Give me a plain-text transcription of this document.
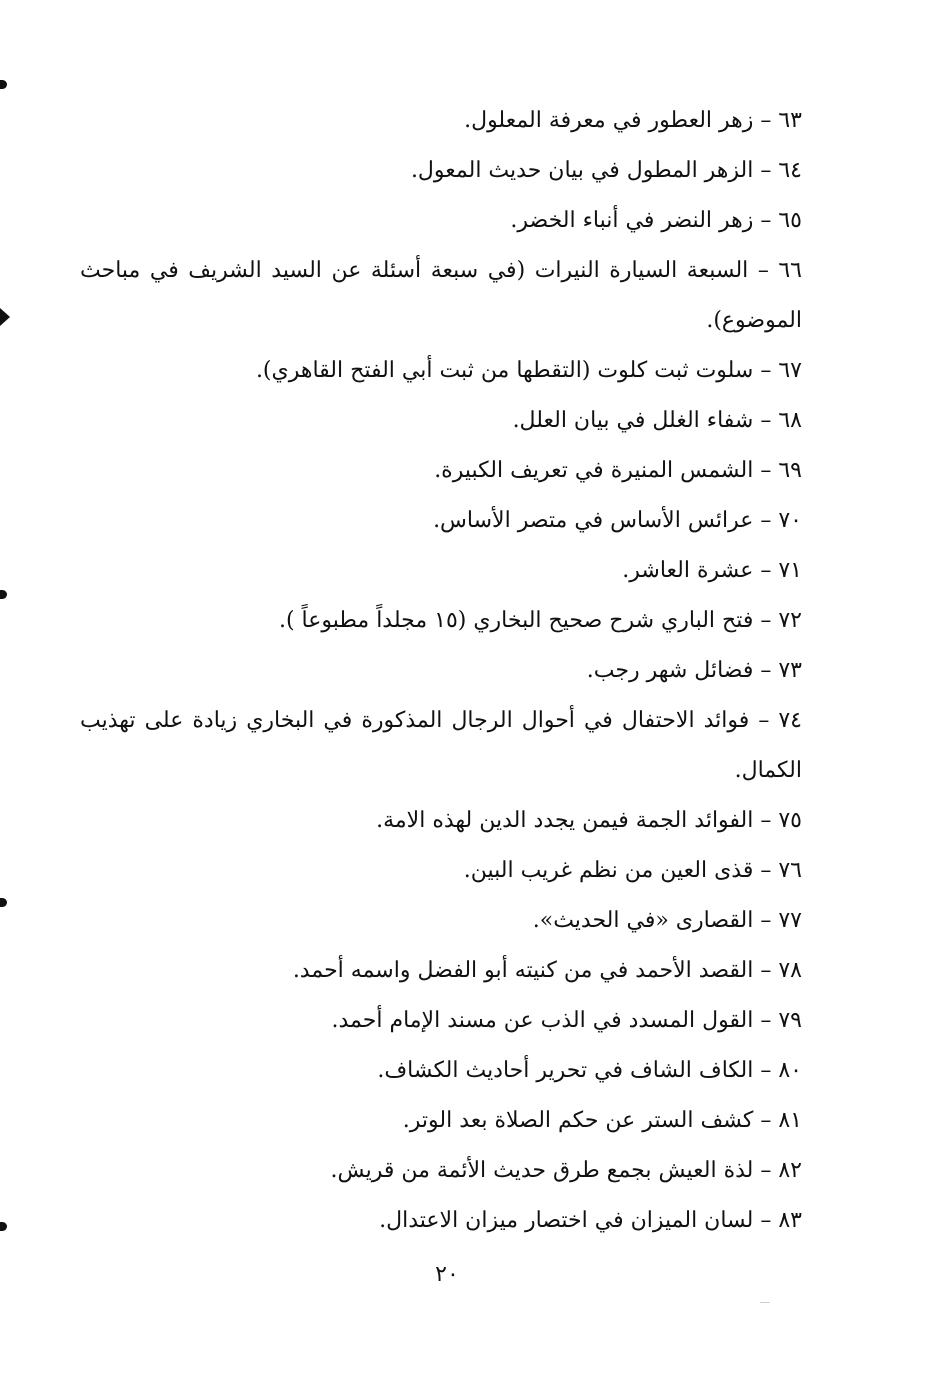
٦٣ – زهر العطور في معرفة المعلول.

٦٤ – الزهر المطول في بيان حديث المعول.

٦٥ – زهر النضر في أنباء الخضر.

٦٦ – السبعة السيارة النيرات (في سبعة أسئلة عن السيد الشريف في مباحث الموضوع).

٦٧ – سلوت ثبت كلوت (التقطها من ثبت أبي الفتح القاهري).

٦٨ – شفاء الغلل في بيان العلل.

٦٩ – الشمس المنيرة في تعريف الكبيرة.

٧٠ – عرائس الأساس في متصر الأساس.

٧١ – عشرة العاشر.

٧٢ – فتح الباري شرح صحيح البخاري (١٥ مجلداً مطبوعاً ).

٧٣ – فضائل شهر رجب.

٧٤ – فوائد الاحتفال في أحوال الرجال المذكورة في البخاري زيادة على تهذيب الكمال.

٧٥ – الفوائد الجمة فيمن يجدد الدين لهذه الامة.

٧٦ – قذى العين من نظم غريب البين.

٧٧ – القصارى «في الحديث».

٧٨ – القصد الأحمد في من كنيته أبو الفضل واسمه أحمد.

٧٩ – القول المسدد في الذب عن مسند الإمام أحمد.

٨٠ – الكاف الشاف في تحرير أحاديث الكشاف.

٨١ – كشف الستر عن حكم الصلاة بعد الوتر.

٨٢ – لذة العيش بجمع طرق حديث الأئمة من قريش.

٨٣ – لسان الميزان في اختصار ميزان الاعتدال.

٢٠
